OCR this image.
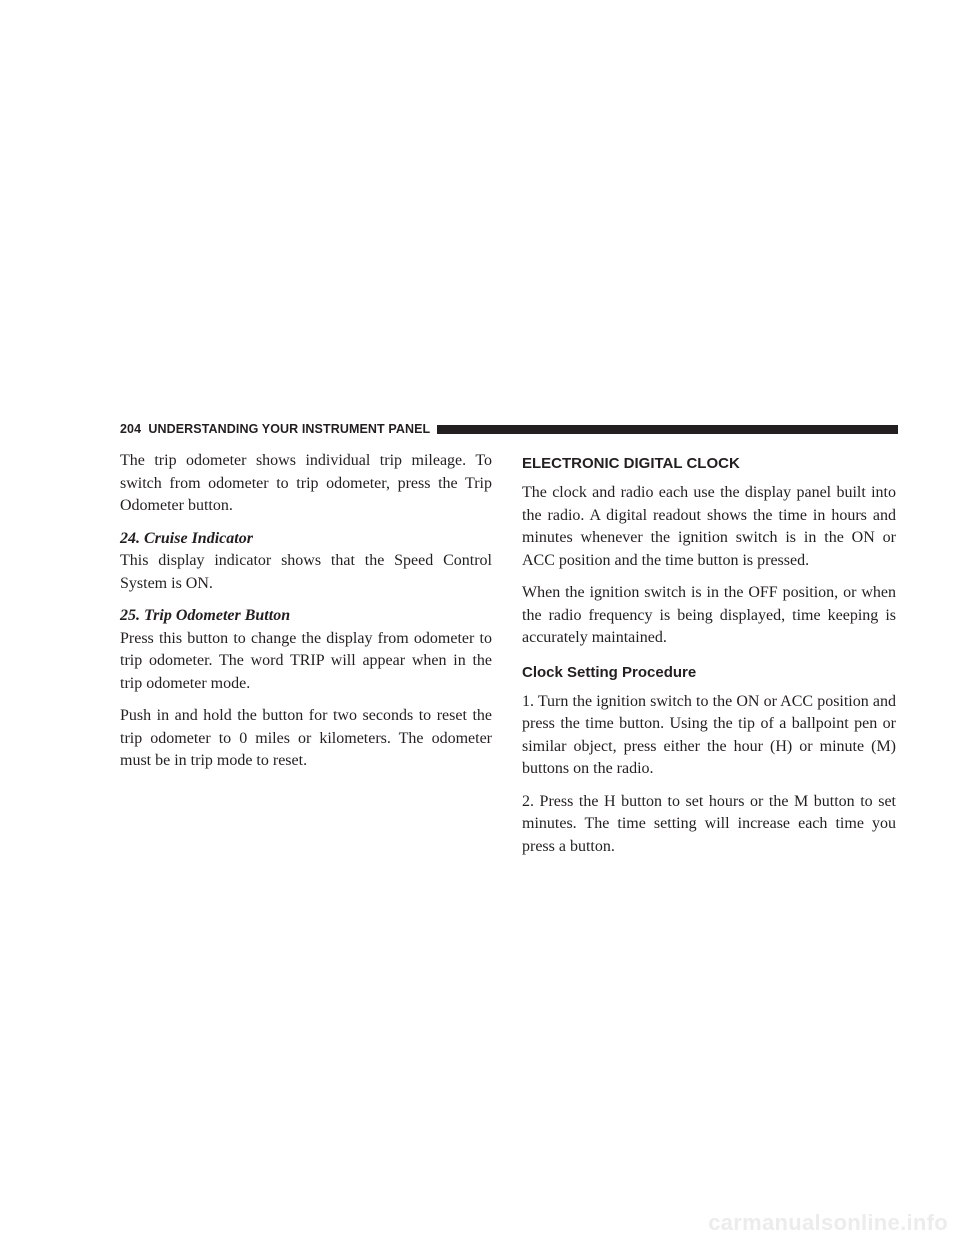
204 UNDERSTANDING YOUR INSTRUMENT PANEL

The trip odometer shows individual trip mileage. To switch from odometer to trip odometer, press the Trip Odometer button.

24. Cruise Indicator
This display indicator shows that the Speed Control System is ON.

25. Trip Odometer Button
Press this button to change the display from odometer to trip odometer. The word TRIP will appear when in the trip odometer mode.

Push in and hold the button for two seconds to reset the trip odometer to 0 miles or kilometers. The odometer must be in trip mode to reset.

ELECTRONIC DIGITAL CLOCK

The clock and radio each use the display panel built into the radio. A digital readout shows the time in hours and minutes whenever the ignition switch is in the ON or ACC position and the time button is pressed.

When the ignition switch is in the OFF position, or when the radio frequency is being displayed, time keeping is accurately maintained.

Clock Setting Procedure

1. Turn the ignition switch to the ON or ACC position and press the time button. Using the tip of a ballpoint pen or similar object, press either the hour (H) or minute (M) buttons on the radio.

2. Press the H button to set hours or the M button to set minutes. The time setting will increase each time you press a button.

carmanualsonline.info
